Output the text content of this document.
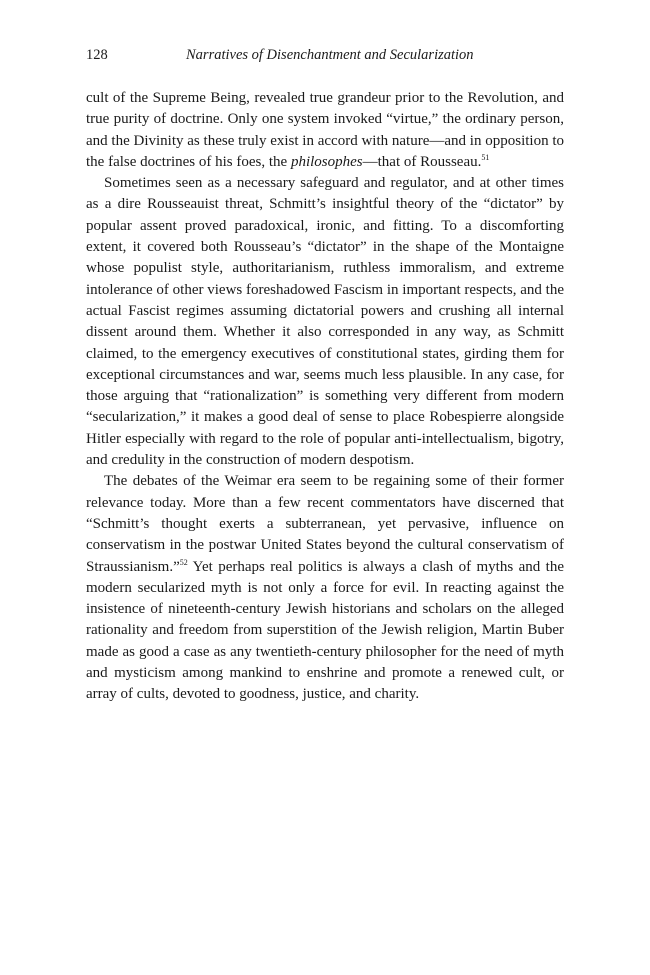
128	Narratives of Disenchantment and Secularization

cult of the Supreme Being, revealed true grandeur prior to the Revolution, and true purity of doctrine. Only one system invoked “virtue,” the ordinary person, and the Divinity as these truly exist in accord with nature—and in opposition to the false doctrines of his foes, the philosophes—that of Rousseau.$^{51}$

Sometimes seen as a necessary safeguard and regulator, and at other times as a dire Rousseauist threat, Schmitt’s insightful theory of the “dictator” by popular assent proved paradoxical, ironic, and fitting. To a discomforting extent, it covered both Rousseau’s “dictator” in the shape of the Montaigne whose populist style, authoritarianism, ruthless immoralism, and extreme intolerance of other views foreshadowed Fascism in important respects, and the actual Fascist regimes assuming dictatorial powers and crushing all internal dissent around them. Whether it also corresponded in any way, as Schmitt claimed, to the emergency executives of constitutional states, girding them for exceptional circumstances and war, seems much less plausible. In any case, for those arguing that “rationalization” is something very different from modern “secularization,” it makes a good deal of sense to place Robespierre alongside Hitler especially with regard to the role of popular anti-intellectualism, bigotry, and credulity in the construction of modern despotism.

The debates of the Weimar era seem to be regaining some of their former relevance today. More than a few recent commentators have discerned that “Schmitt’s thought exerts a subterranean, yet pervasive, influence on conservatism in the postwar United States beyond the cultural conservatism of Straussianism.”$^{52}$ Yet perhaps real politics is always a clash of myths and the modern secularized myth is not only a force for evil. In reacting against the insistence of nineteenth-century Jewish historians and scholars on the alleged rationality and freedom from superstition of the Jewish religion, Martin Buber made as good a case as any twentieth-century philosopher for the need of myth and mysticism among mankind to enshrine and promote a renewed cult, or array of cults, devoted to goodness, justice, and charity.
